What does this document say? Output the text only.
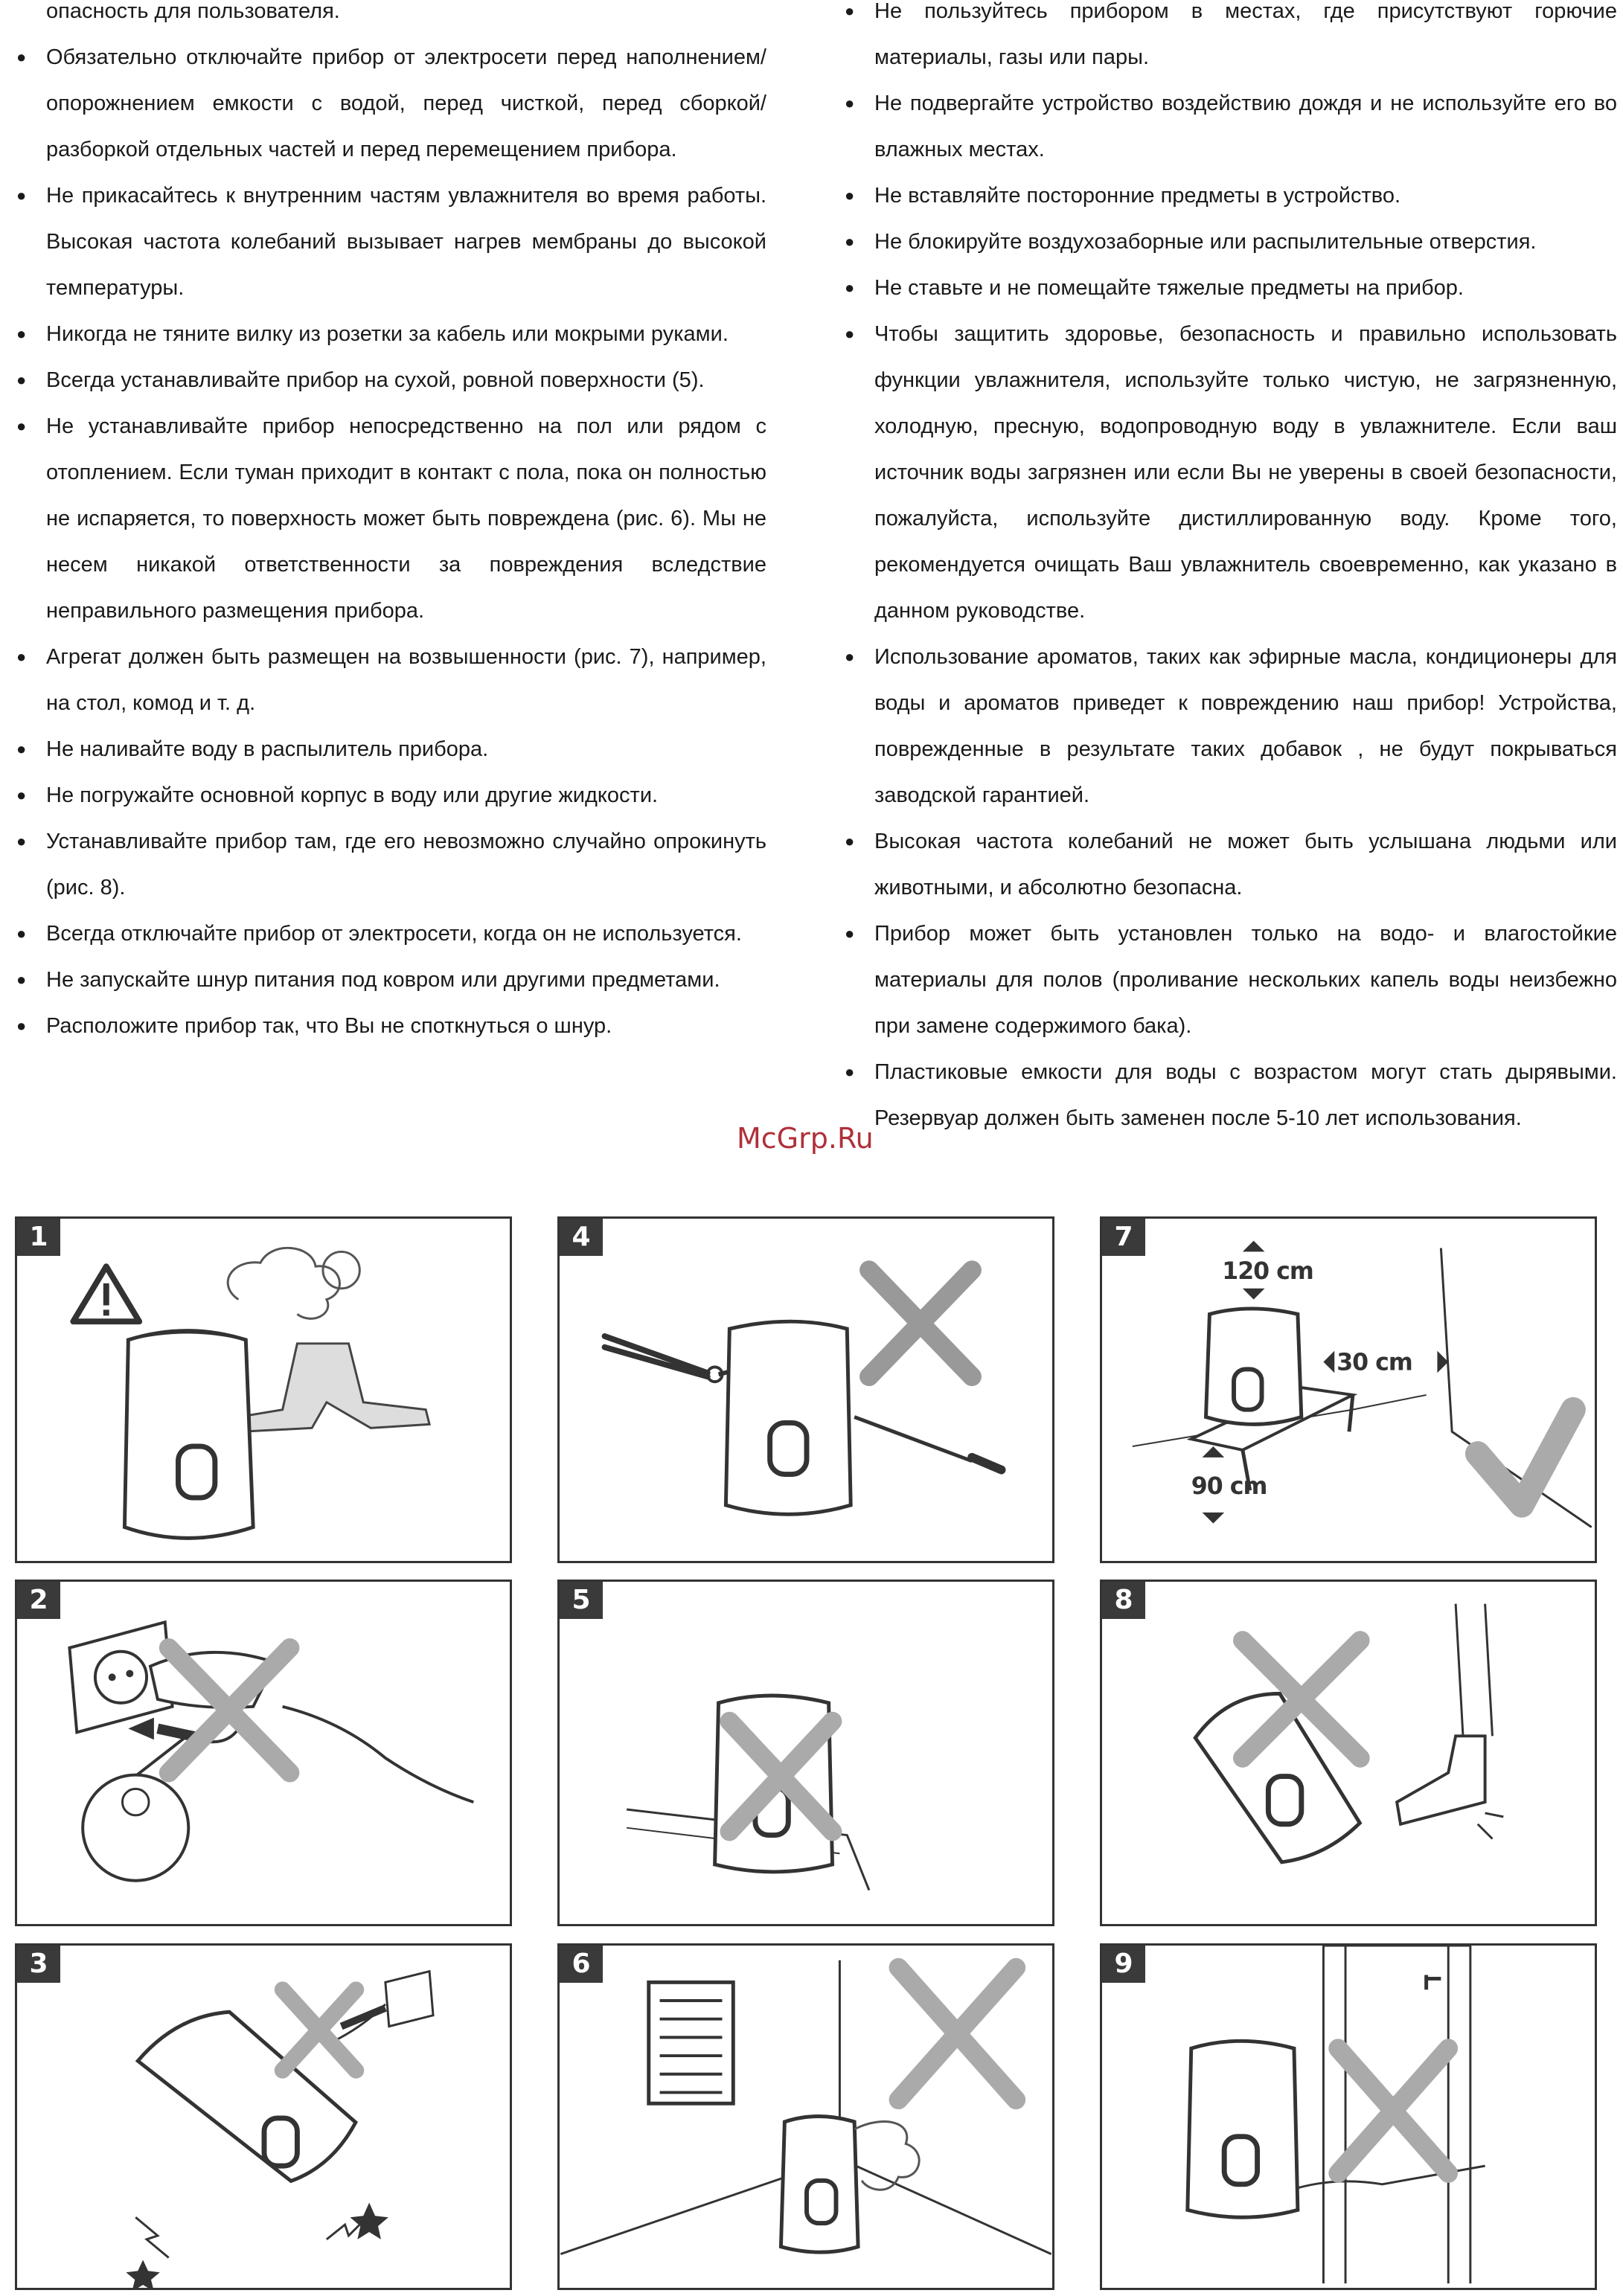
опасность для пользователя.
● Обязательно отключайте прибор от электросети перед наполнением/опорожнением емкости с водой, перед чисткой, перед сборкой/разборкой отдельных частей и перед перемещением прибора.
● Не прикасайтесь к внутренним частям увлажнителя во время работы. Высокая частота колебаний вызывает нагрев мембраны до высокой температуры.
● Никогда не тяните вилку из розетки за кабель или мокрыми руками.
● Всегда устанавливайте прибор на сухой, ровной поверхности (5).
● Не устанавливайте прибор непосредственно на пол или рядом с отоплением. Если туман приходит в контакт с пола, пока он полностью не испаряется, то поверхность может быть повреждена (рис. 6). Мы не несем никакой ответственности за повреждения вследствие неправильного размещения прибора.
● Агрегат должен быть размещен на возвышенности (рис. 7), например, на стол, комод и т. д.
● Не наливайте воду в распылитель прибора.
● Не погружайте основной корпус в воду или другие жидкости.
● Устанавливайте прибор там, где его невозможно случайно опрокинуть (рис. 8).
● Всегда отключайте прибор от электросети, когда он не используется.
● Не запускайте шнур питания под ковром или другими предметами.
● Расположите прибор так, что Вы не споткнуться о шнур.
● Не пользуйтесь прибором в местах, где присутствуют горючие материалы, газы или пары.
● Не подвергайте устройство воздействию дождя и не используйте его во влажных местах.
● Не вставляйте посторонние предметы в устройство.
● Не блокируйте воздухозаборные или распылительные отверстия.
● Не ставьте и не помещайте тяжелые предметы на прибор.
● Чтобы защитить здоровье, безопасность и правильно использовать функции увлажнителя, используйте только чистую, не загрязненную, холодную, пресную, водопроводную воду в увлажнителе. Если ваш источник воды загрязнен или если Вы не уверены в своей безопасности, пожалуйста, используйте дистиллированную воду. Кроме того, рекомендуется очищать Ваш увлажнитель своевременно, как указано в данном руководстве.
● Использование ароматов, таких как эфирные масла, кондиционеры для воды и ароматов приведет к повреждению наш прибор! Устройства, поврежденные в результате таких добавок , не будут покрываться заводской гарантией.
● Высокая частота колебаний не может быть услышана людьми или животными, и абсолютно безопасна.
● Прибор может быть установлен только на водо- и влагостойкие материалы для полов (проливание нескольких капель воды неизбежно при замене содержимого бака).
● Пластиковые емкости для воды с возрастом могут стать дырявыми. Резервуар должен быть заменен после 5-10 лет использования.
McGrp.Ru
1	4
120 cm
30 cm
90 cm
7
2	5	8
3	6	9
